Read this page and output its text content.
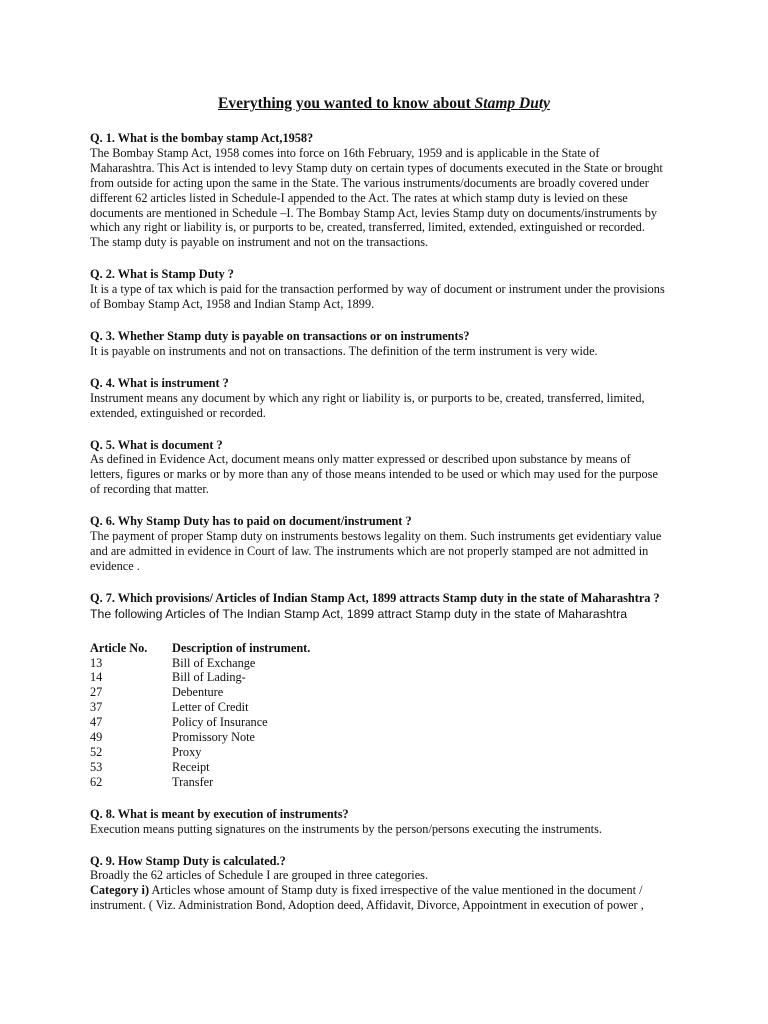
Everything you wanted to know about Stamp Duty
Q. 1. What is the bombay stamp Act,1958?
The Bombay Stamp Act, 1958 comes into force on 16th February, 1959 and is applicable in the State of
Maharashtra. This Act is intended to levy Stamp duty on certain types of documents executed in the State or brought
from outside for acting upon the same in the State. The various instruments/documents are broadly covered under
different 62 articles listed in Schedule-I appended to the Act. The rates at which stamp duty is levied on these
documents are mentioned in Schedule –I. The Bombay Stamp Act, levies Stamp duty on documents/instruments by
which any right or liability is, or purports to be, created, transferred, limited, extended, extinguished or recorded.
The stamp duty is payable on instrument and not on the transactions.
Q. 2. What is Stamp Duty ?
It is a type of tax which is paid for the transaction performed by way of document or instrument under the provisions
of Bombay Stamp Act, 1958 and Indian Stamp Act, 1899.
Q. 3. Whether Stamp duty is payable on transactions or on instruments?
It is payable on instruments and not on transactions. The definition of the term instrument is very wide.
Q. 4. What is instrument ?
Instrument means any document by which any right or liability is, or purports to be, created, transferred, limited,
extended, extinguished or recorded.
Q. 5. What is document ?
As defined in Evidence Act, document means only matter expressed or described upon substance by means of
letters, figures or marks or by more than any of those means intended to be used or which may used for the purpose
of recording that matter.
Q. 6. Why Stamp Duty has to paid on document/instrument ?
The payment of proper Stamp duty on instruments bestows legality on them. Such instruments get evidentiary value
and are admitted in evidence in Court of law. The instruments which are not properly stamped are not admitted in
evidence .
Q. 7. Which provisions/ Articles of Indian Stamp Act, 1899 attracts Stamp duty in the state of Maharashtra ?
The following Articles of The Indian Stamp Act, 1899 attract Stamp duty in the state of Maharashtra
Article No.	Description of instrument.
13	Bill of Exchange
14	Bill of Lading-
27	Debenture
37	Letter of Credit
47	Policy of Insurance
49	Promissory Note
52	Proxy
53	Receipt
62	Transfer
Q. 8. What is meant by execution of instruments?
Execution means putting signatures on the instruments by the person/persons executing the instruments.
Q. 9. How Stamp Duty is calculated.?
Broadly the 62 articles of Schedule I are grouped in three categories.
Category i) Articles whose amount of Stamp duty is fixed irrespective of the value mentioned in the document /
instrument. ( Viz. Administration Bond, Adoption deed, Affidavit, Divorce, Appointment in execution of power ,
